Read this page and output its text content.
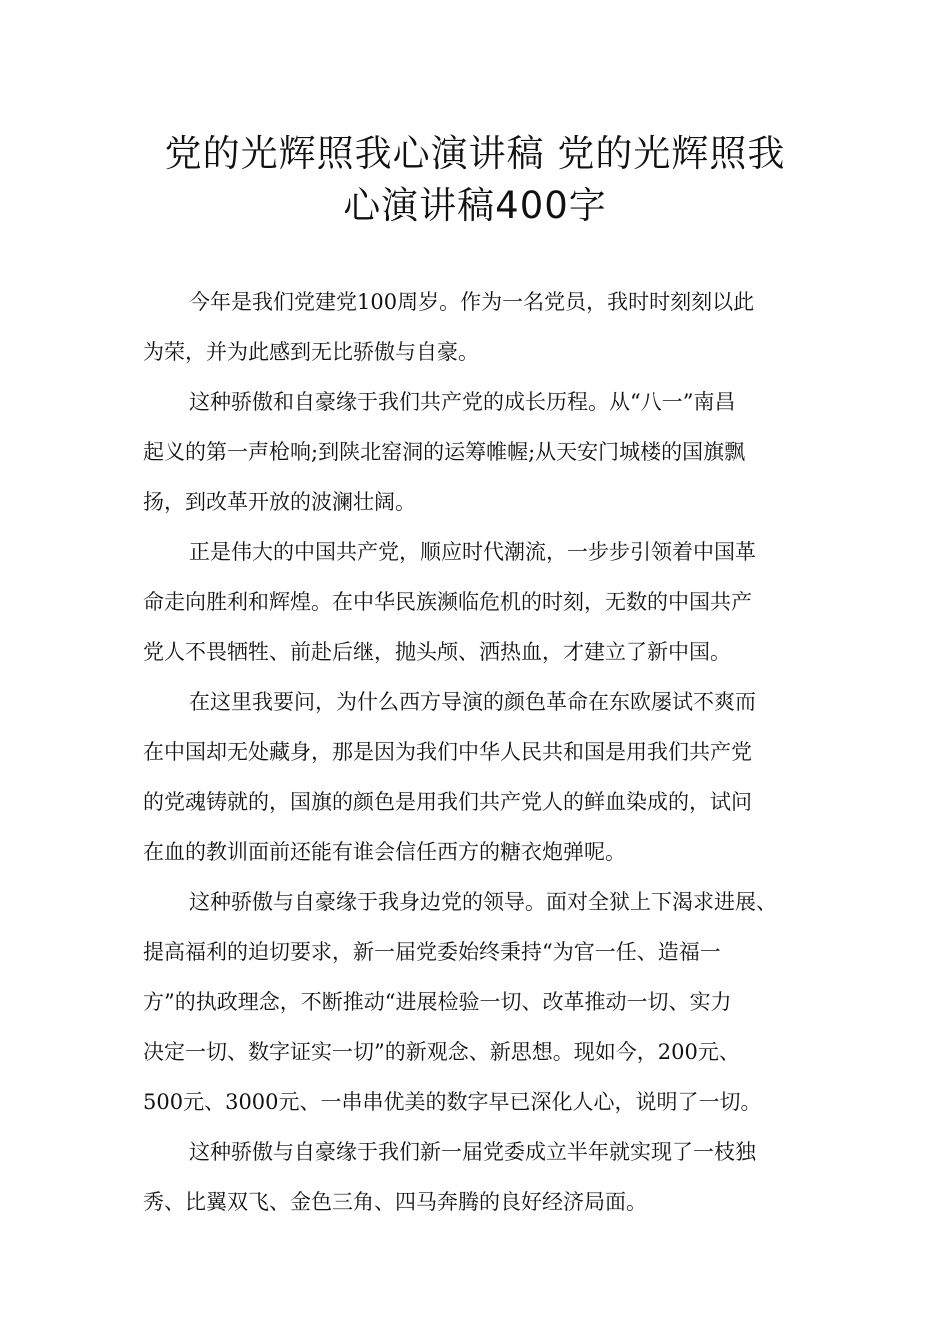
党的光辉照我心演讲稿 党的光辉照我
心演讲稿400字

今年是我们党建党100周岁。作为一名党员，我时时刻刻以此
为荣，并为此感到无比骄傲与自豪。

这种骄傲和自豪缘于我们共产党的成长历程。从“八一”南昌
起义的第一声枪响;到陕北窑洞的运筹帷幄;从天安门城楼的国旗飘
扬，到改革开放的波澜壮阔。

正是伟大的中国共产党，顺应时代潮流，一步步引领着中国革
命走向胜利和辉煌。在中华民族濒临危机的时刻，无数的中国共产
党人不畏牺牲、前赴后继，抛头颅、洒热血，才建立了新中国。

在这里我要问，为什么西方导演的颜色革命在东欧屡试不爽而
在中国却无处藏身，那是因为我们中华人民共和国是用我们共产党
的党魂铸就的，国旗的颜色是用我们共产党人的鲜血染成的，试问
在血的教训面前还能有谁会信任西方的糖衣炮弹呢。

这种骄傲与自豪缘于我身边党的领导。面对全狱上下渴求进展、
提高福利的迫切要求，新一届党委始终秉持“为官一任、造福一
方”的执政理念，不断推动“进展检验一切、改革推动一切、实力
决定一切、数字证实一切”的新观念、新思想。现如今，200元、
500元、3000元、一串串优美的数字早已深化人心，说明了一切。

这种骄傲与自豪缘于我们新一届党委成立半年就实现了一枝独
秀、比翼双飞、金色三角、四马奔腾的良好经济局面。
